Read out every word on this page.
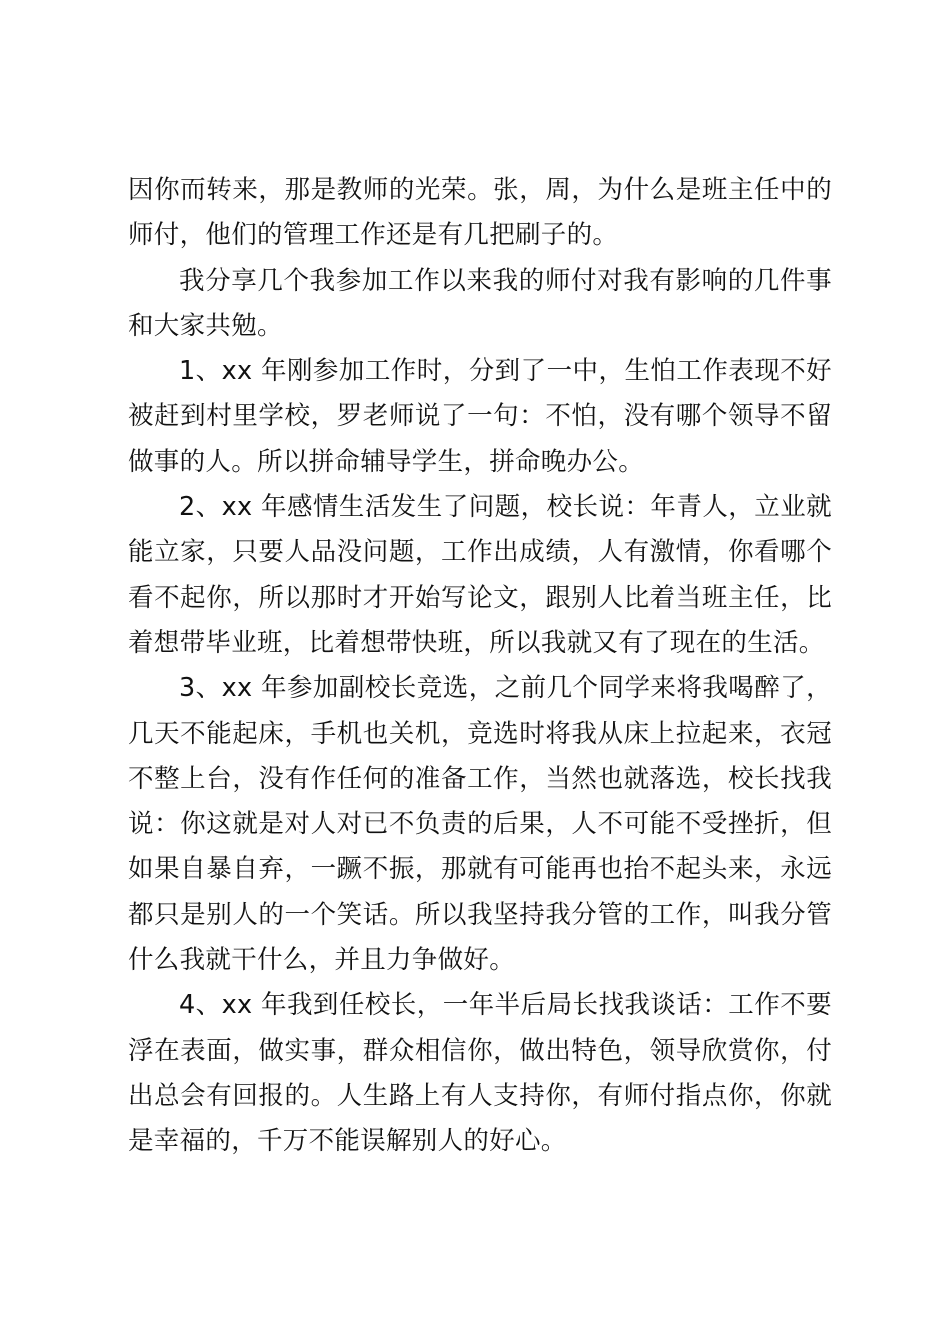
因你而转来，那是教师的光荣。张，周，为什么是班主任中的师付，他们的管理工作还是有几把刷子的。

我分享几个我参加工作以来我的师付对我有影响的几件事和大家共勉。

1、xx 年刚参加工作时，分到了一中，生怕工作表现不好被赶到村里学校，罗老师说了一句：不怕，没有哪个领导不留做事的人。所以拼命辅导学生，拼命晚办公。

2、xx 年感情生活发生了问题，校长说：年青人，立业就能立家，只要人品没问题，工作出成绩，人有激情，你看哪个看不起你，所以那时才开始写论文，跟别人比着当班主任，比着想带毕业班，比着想带快班，所以我就又有了现在的生活。

3、xx 年参加副校长竞选，之前几个同学来将我喝醉了，几天不能起床，手机也关机，竞选时将我从床上拉起来，衣冠不整上台，没有作任何的准备工作，当然也就落选，校长找我说：你这就是对人对已不负责的后果，人不可能不受挫折，但如果自暴自弃，一蹶不振，那就有可能再也抬不起头来，永远都只是别人的一个笑话。所以我坚持我分管的工作，叫我分管什么我就干什么，并且力争做好。

4、xx 年我到任校长，一年半后局长找我谈话：工作不要浮在表面，做实事，群众相信你，做出特色，领导欣赏你，付出总会有回报的。人生路上有人支持你，有师付指点你，你就是幸福的，千万不能误解别人的好心。
